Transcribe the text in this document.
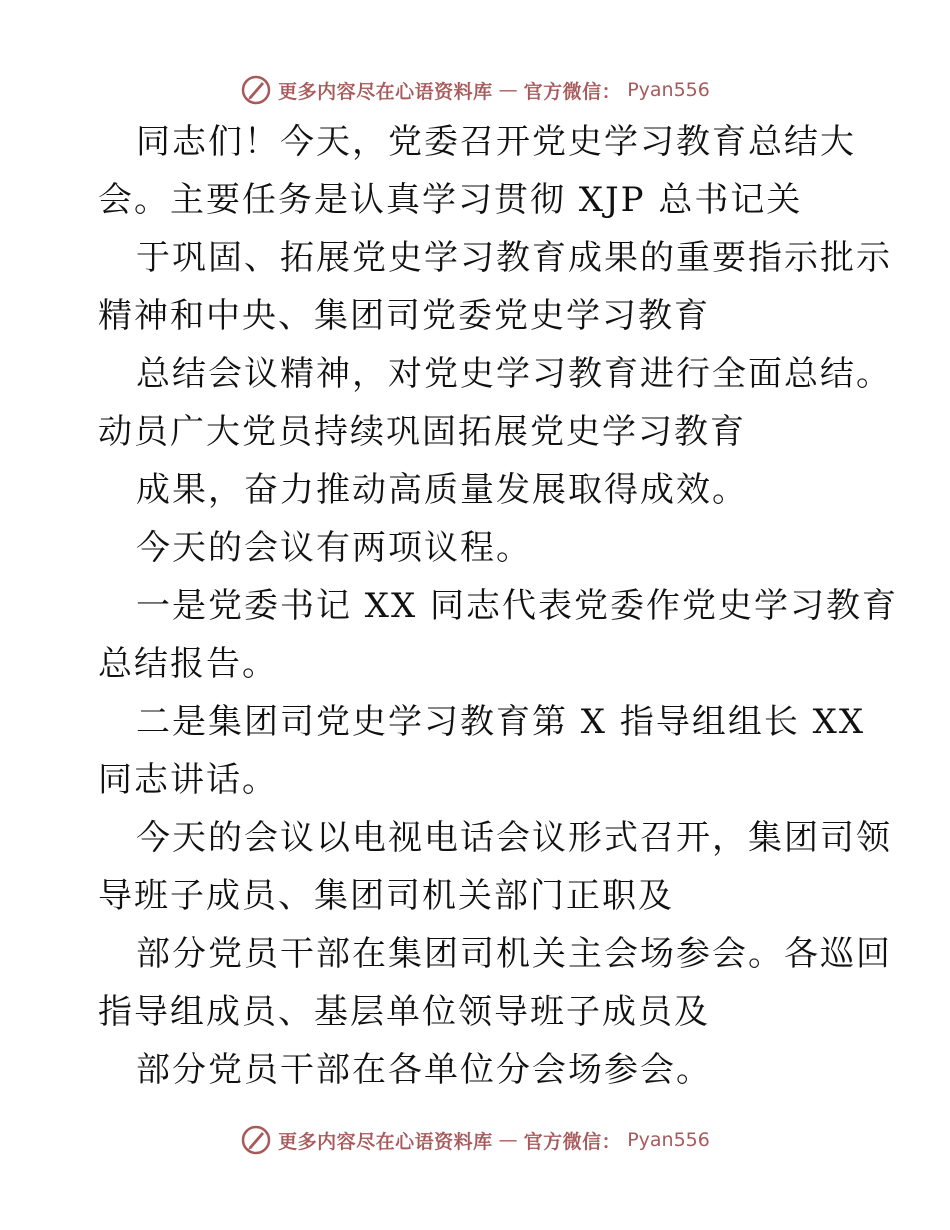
更多内容尽在心语资料库 — 官方微信： Pyan556
同志们！今天，党委召开党史学习教育总结大
会。主要任务是认真学习贯彻 XJP 总书记关
于巩固、拓展党史学习教育成果的重要指示批示
精神和中央、集团司党委党史学习教育
总结会议精神，对党史学习教育进行全面总结。
动员广大党员持续巩固拓展党史学习教育
成果，奋力推动高质量发展取得成效。
今天的会议有两项议程。
一是党委书记 XX 同志代表党委作党史学习教育
总结报告。
二是集团司党史学习教育第 X 指导组组长 XX
同志讲话。
今天的会议以电视电话会议形式召开，集团司领
导班子成员、集团司机关部门正职及
部分党员干部在集团司机关主会场参会。各巡回
指导组成员、基层单位领导班子成员及
部分党员干部在各单位分会场参会。
更多内容尽在心语资料库 — 官方微信： Pyan556
